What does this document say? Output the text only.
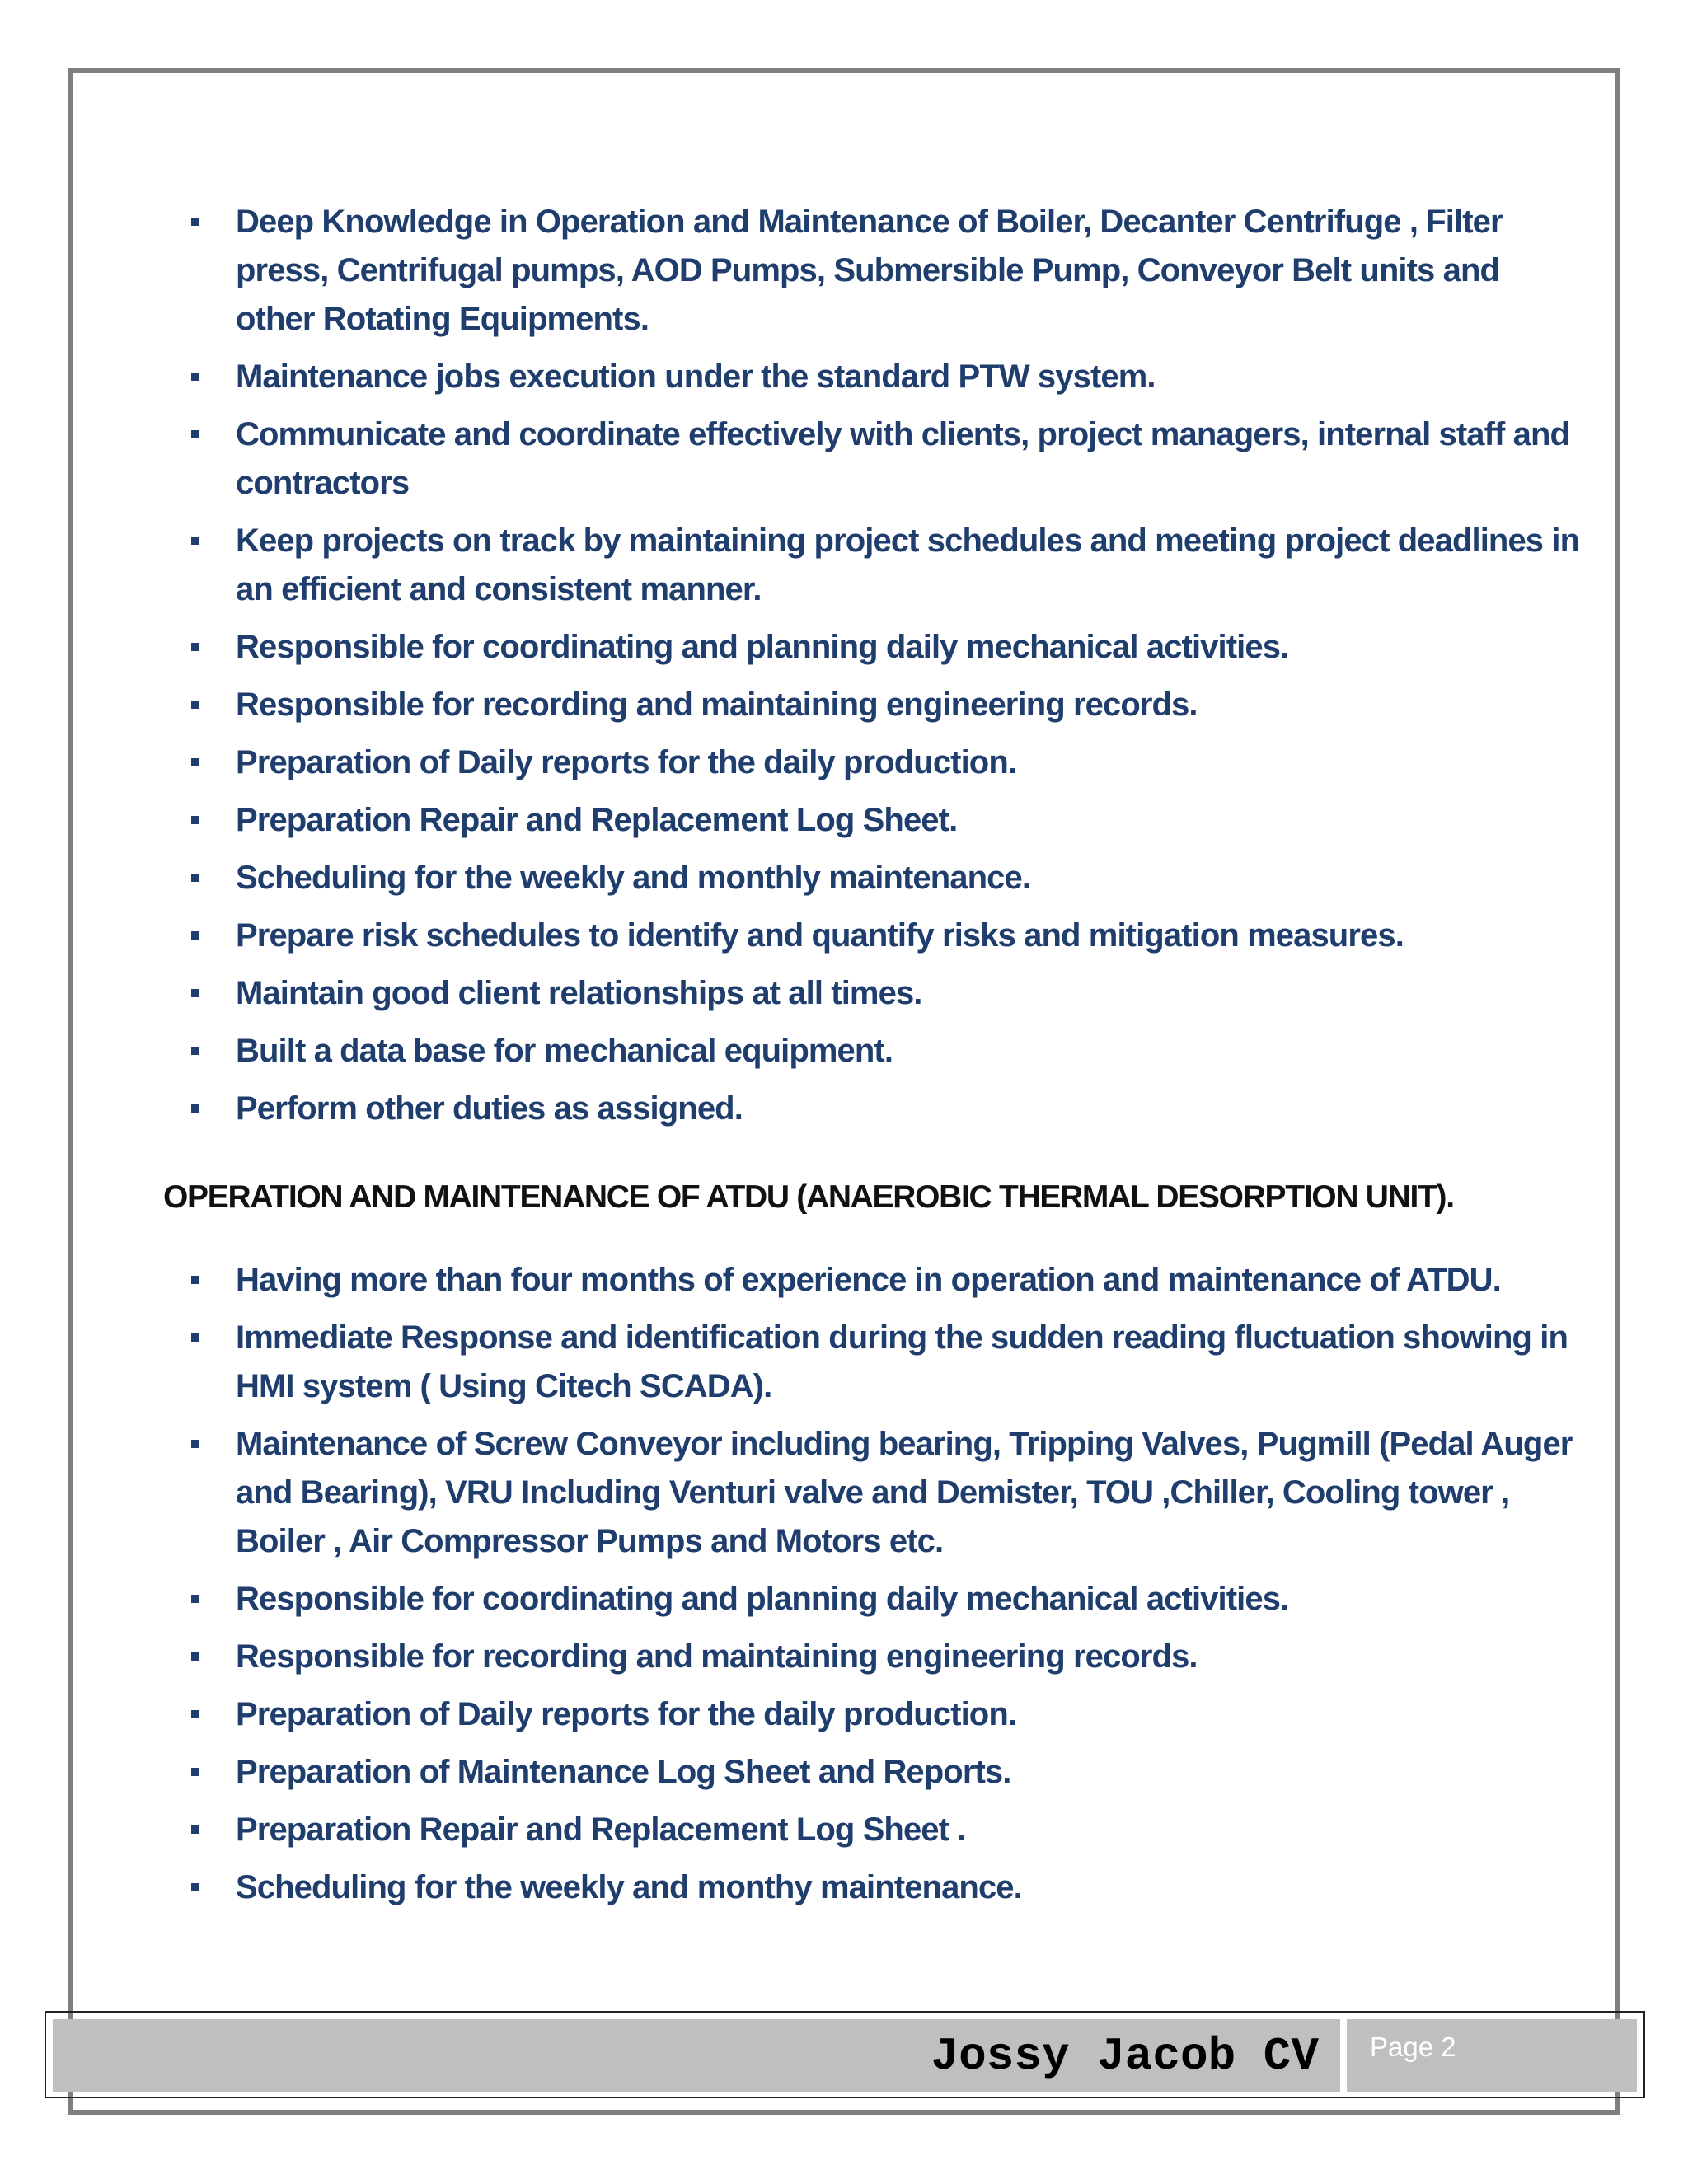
Deep Knowledge in Operation and Maintenance of Boiler, Decanter Centrifuge , Filter press, Centrifugal pumps, AOD Pumps, Submersible Pump, Conveyor Belt units and other Rotating Equipments.
Maintenance jobs execution under the standard PTW system.
Communicate and coordinate effectively with clients, project managers, internal staff and contractors
Keep projects on track by maintaining project schedules and meeting project deadlines in an efficient and consistent manner.
Responsible for coordinating and planning daily mechanical activities.
Responsible for recording and maintaining engineering records.
Preparation of Daily reports for the daily production.
Preparation Repair and Replacement Log Sheet.
Scheduling for the weekly and monthly maintenance.
Prepare risk schedules to identify and quantify risks and mitigation measures.
Maintain good client relationships at all times.
Built a data base for mechanical equipment.
Perform other duties as assigned.
OPERATION AND MAINTENANCE OF ATDU (ANAEROBIC THERMAL DESORPTION UNIT).
Having more than four months of experience in operation and maintenance of ATDU.
Immediate Response and identification during the sudden reading fluctuation showing in HMI system ( Using Citech SCADA).
Maintenance of Screw Conveyor including bearing, Tripping Valves, Pugmill (Pedal Auger and Bearing), VRU Including Venturi valve and Demister, TOU ,Chiller, Cooling tower , Boiler , Air Compressor Pumps and Motors etc.
Responsible for coordinating and planning daily mechanical activities.
Responsible for recording and maintaining engineering records.
Preparation of Daily reports for the daily production.
Preparation of Maintenance Log Sheet and Reports.
Preparation Repair and Replacement Log Sheet .
Scheduling for the weekly and monthy maintenance.
Jossy Jacob CV Page 2
